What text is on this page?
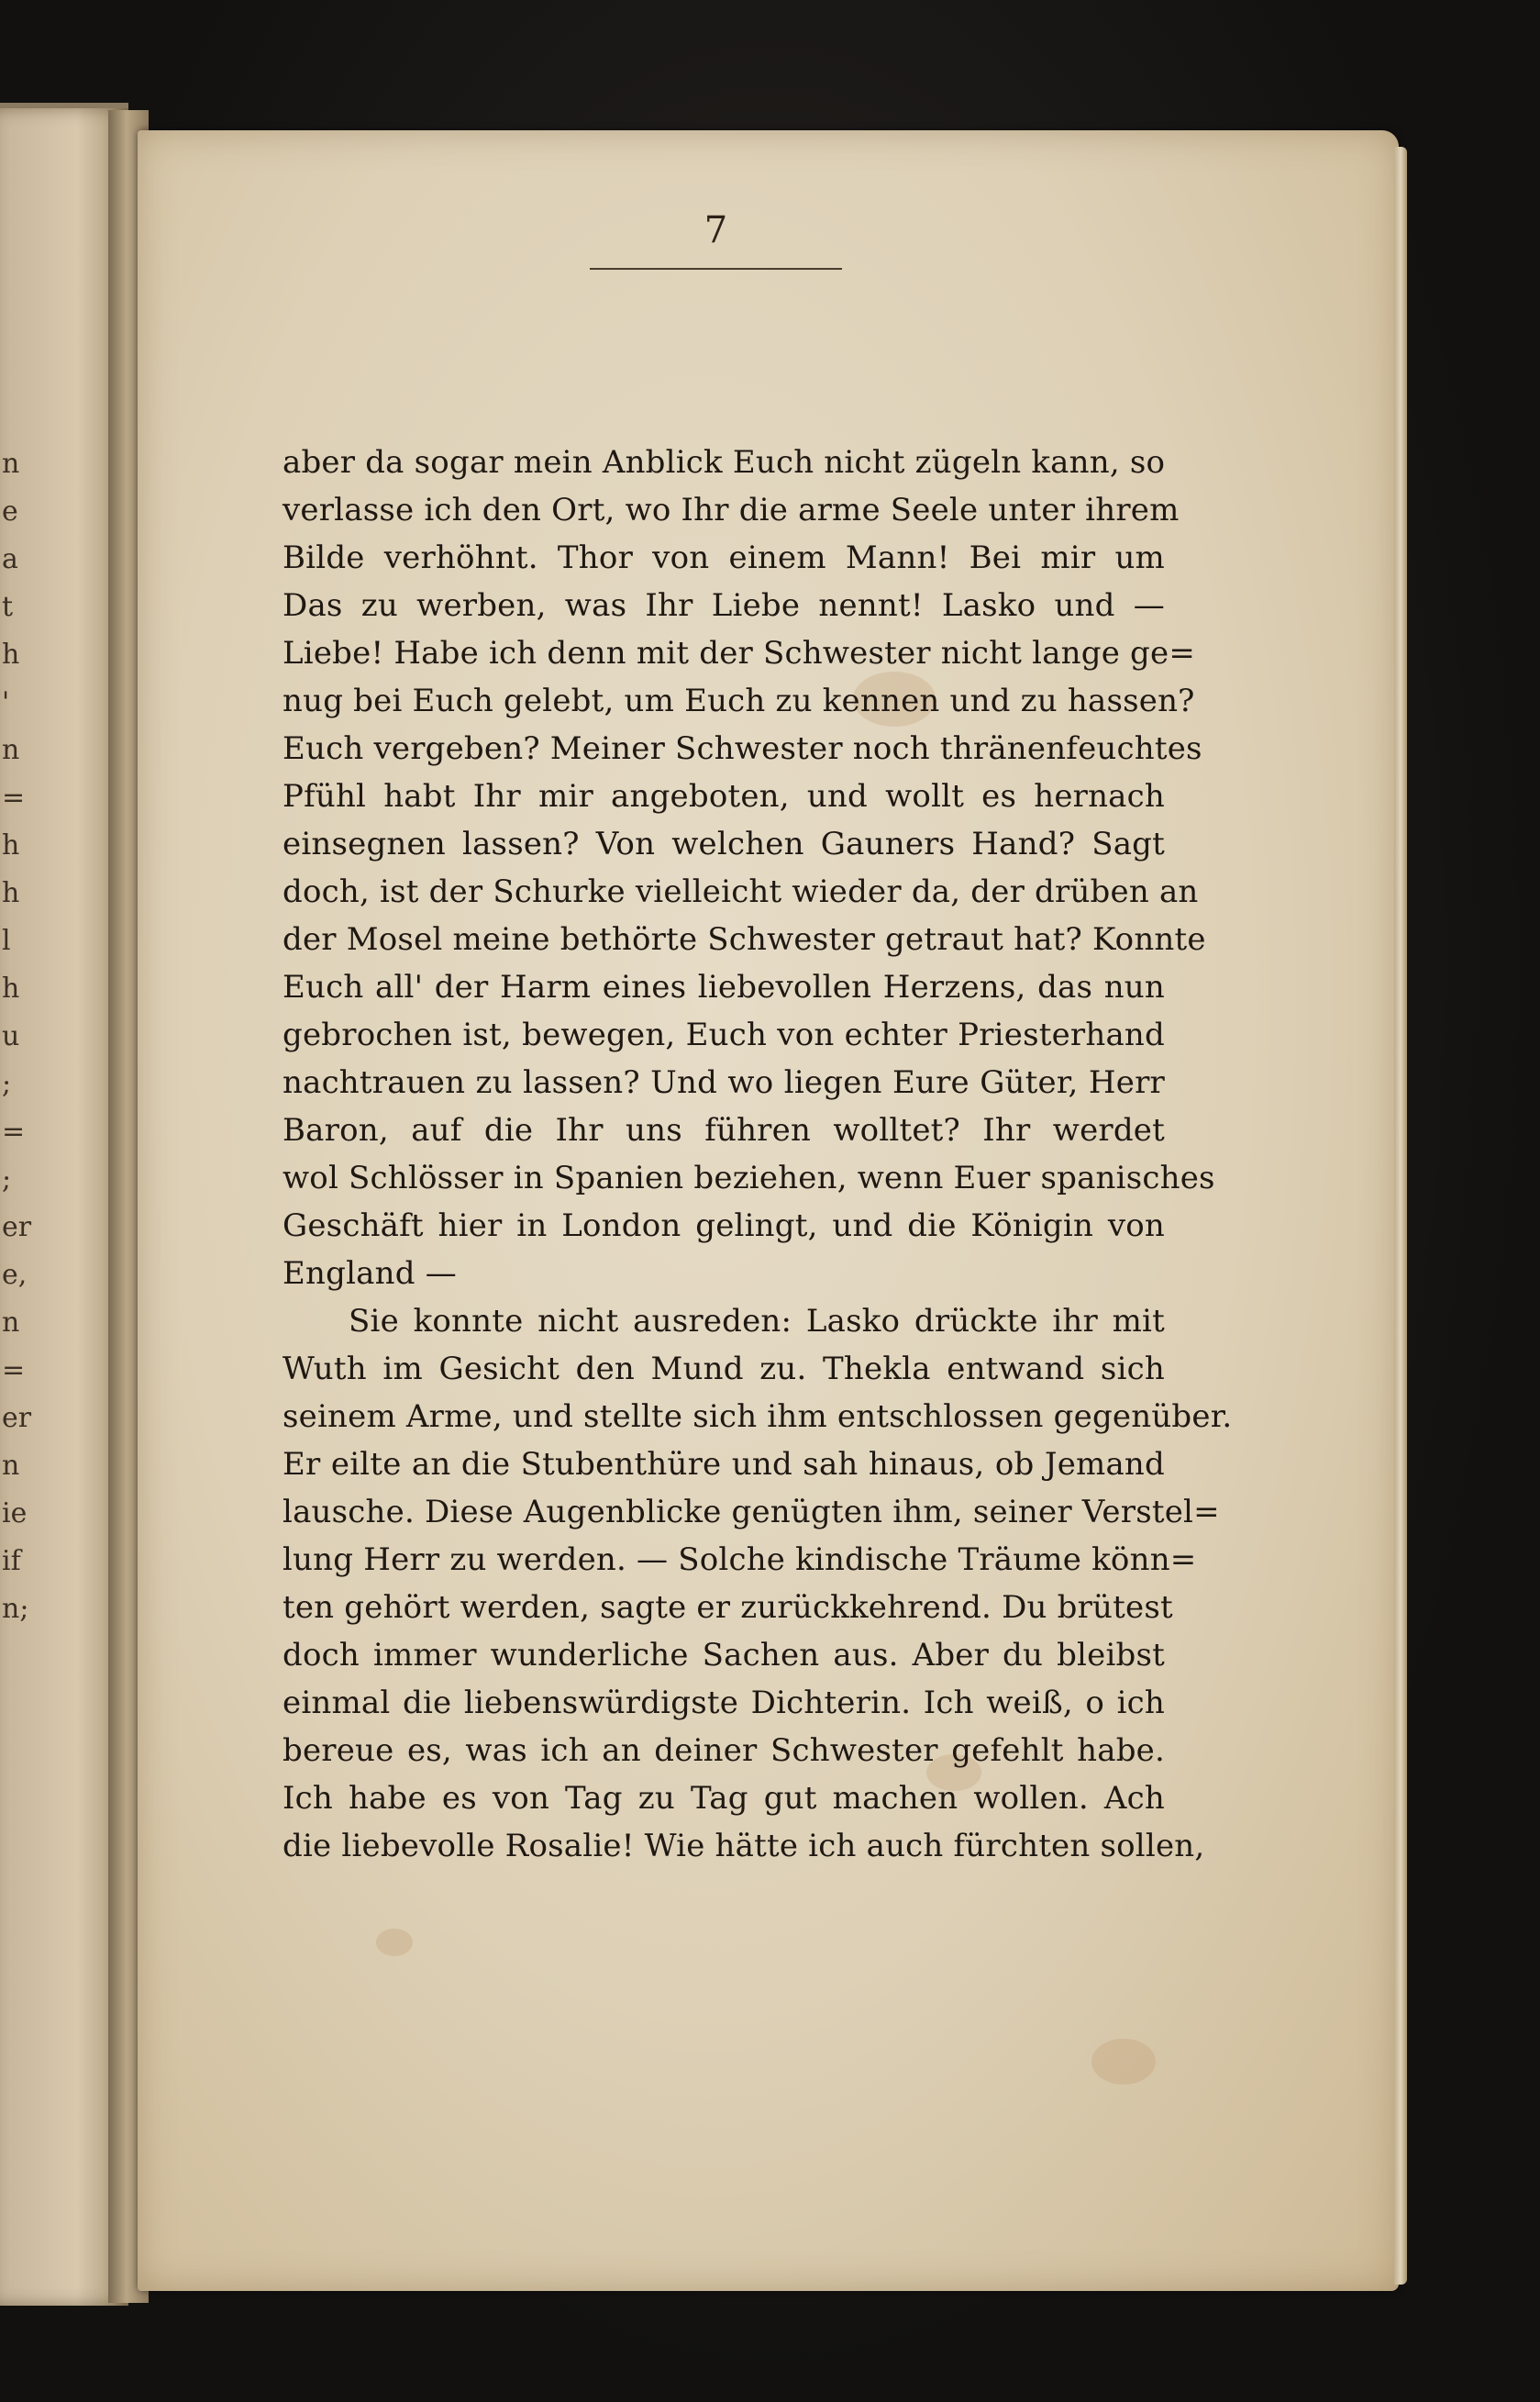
n
e
a
t
h
'
n
=
h
h
l
h
u
;
=
;
er
e,
n
=
er
n
ie
if
n;
7
aber da sogar mein Anblick Euch nicht zügeln kann, so
verlasse ich den Ort, wo Ihr die arme Seele unter ihrem
Bilde verhöhnt. Thor von einem Mann! Bei mir um
Das zu werben, was Ihr Liebe nennt! Lasko und —
Liebe! Habe ich denn mit der Schwester nicht lange ge=
nug bei Euch gelebt, um Euch zu kennen und zu hassen?
Euch vergeben? Meiner Schwester noch thränenfeuchtes
Pfühl habt Ihr mir angeboten, und wollt es hernach
einsegnen lassen? Von welchen Gauners Hand? Sagt
doch, ist der Schurke vielleicht wieder da, der drüben an
der Mosel meine bethörte Schwester getraut hat? Konnte
Euch all' der Harm eines liebevollen Herzens, das nun
gebrochen ist, bewegen, Euch von echter Priesterhand
nachtrauen zu lassen? Und wo liegen Eure Güter, Herr
Baron, auf die Ihr uns führen wolltet? Ihr werdet
wol Schlösser in Spanien beziehen, wenn Euer spanisches
Geschäft hier in London gelingt, und die Königin von
England —
Sie konnte nicht ausreden: Lasko drückte ihr mit
Wuth im Gesicht den Mund zu. Thekla entwand sich
seinem Arme, und stellte sich ihm entschlossen gegenüber.
Er eilte an die Stubenthüre und sah hinaus, ob Jemand
lausche. Diese Augenblicke genügten ihm, seiner Verstel=
lung Herr zu werden. — Solche kindische Träume könn=
ten gehört werden, sagte er zurückkehrend. Du brütest
doch immer wunderliche Sachen aus. Aber du bleibst
einmal die liebenswürdigste Dichterin. Ich weiß, o ich
bereue es, was ich an deiner Schwester gefehlt habe.
Ich habe es von Tag zu Tag gut machen wollen. Ach
die liebevolle Rosalie! Wie hätte ich auch fürchten sollen,
